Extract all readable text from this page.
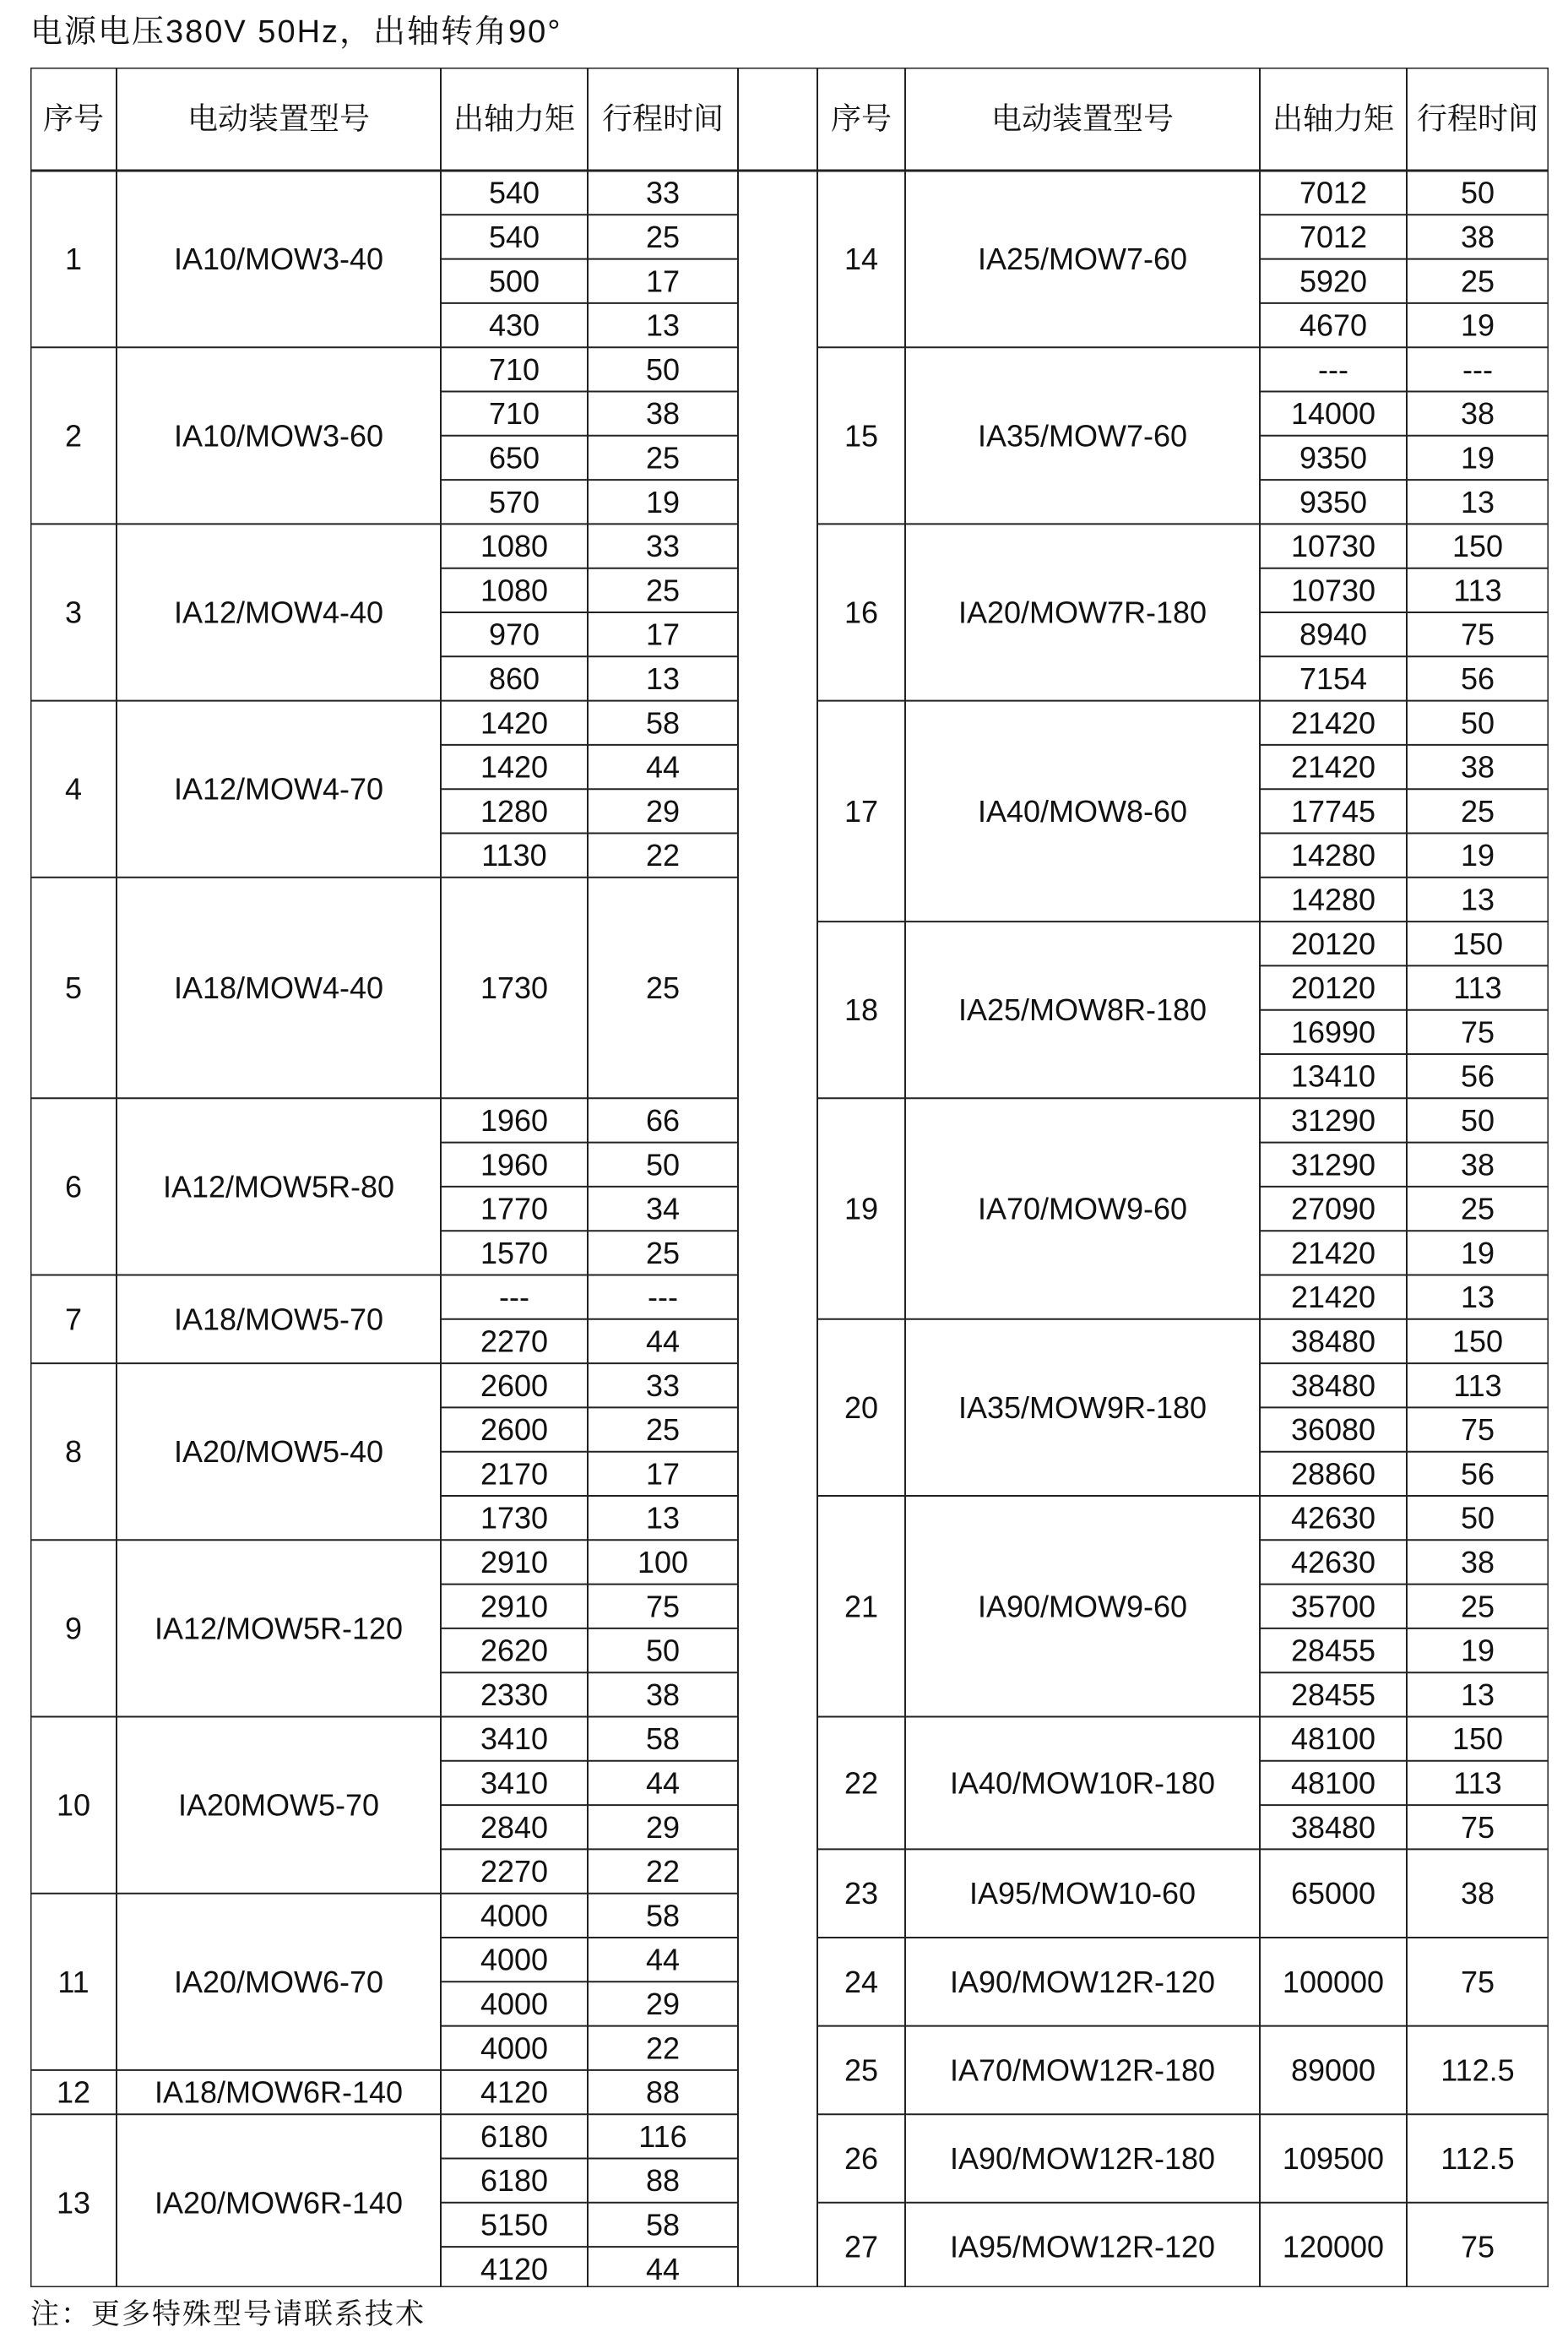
电源电压380V 50Hz，出轴转角90°
序号	电动装置型号	出轴力矩 行程时间	序号	电动装置型号	出轴力矩 行程时间
1	IA10/MOW3-40
540	33
540	25
500	17
430	13
2	IA10/MOW3-60
710	50
710	38
650	25
570	19
3	IA12/MOW4-40
1080	33
1080	25
970	17
860	13
4	IA12/MOW4-70
1420	58
1420	44
1280	29
1130	22
5	IA18/MOW4-40	1730	25
6	IA12/MOW5R-80
1960	66
1960	50
1770	34
1570	25
7	IA18/MOW5-70
---	---
2270	44
8	IA20/MOW5-40
2600	33
2600	25
2170	17
1730	13
9 IA12/MOW5R-120
2910	100
2910	75
2620	50
2330	38
10	IA20MOW5-70
3410	58
3410	44
2840	29
2270	22
11	IA20/MOW6-70
4000	58
4000	44
4000	29
4000	22
12 IA18/MOW6R-140	4120	88
13 IA20/MOW6R-140
6180	116
6180	88
5150	58
4120	44
14	IA25/MOW7-60
7012	50
7012	38
5920	25
4670	19
15	IA35/MOW7-60
---	---
14000	38
9350	19
9350	13
16	IA20/MOW7R-180
10730	150
10730	113
8940	75
7154	56
17	IA40/MOW8-60
21420	50
21420	38
17745	25
14280	19
14280	13
18	IA25/MOW8R-180
20120	150
20120	113
16990	75
13410	56
19	IA70/MOW9-60
31290	50
31290	38
27090	25
21420	19
21420	13
20	IA35/MOW9R-180
38480	150
38480	113
36080	75
28860	56
21	IA90/MOW9-60
42630	50
42630	38
35700	25
28455	19
28455	13
22 IA40/MOW10R-180
48100	150
48100	113
38480	75
23	IA95/MOW10-60	65000	38
24 IA90/MOW12R-120 100000	75
25 IA70/MOW12R-180 89000 112.5
26 IA90/MOW12R-180 109500 112.5
27 IA95/MOW12R-120 120000	75
注：更多特殊型号请联系技术
